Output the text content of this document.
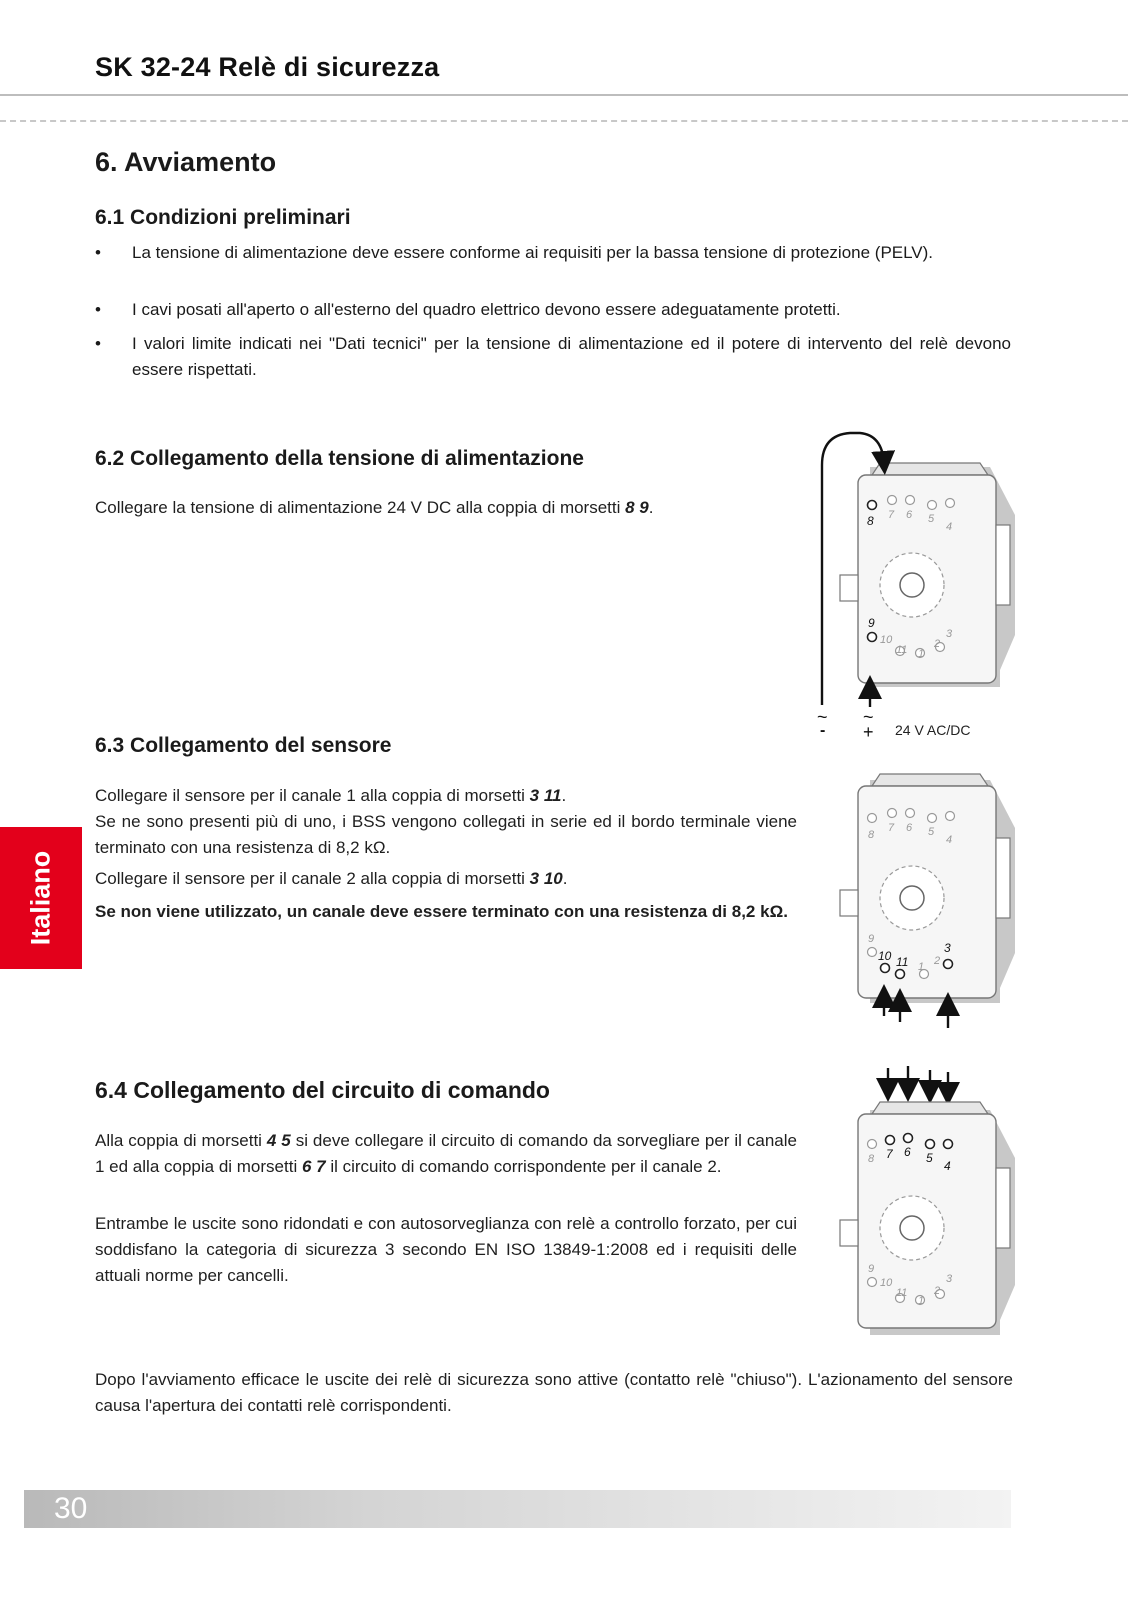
SK 32-24 Relè di sicurezza
Italiano
6. Avviamento
6.1 Condizioni preliminari
• La tensione di alimentazione deve essere conforme ai requisiti per la bassa tensione di protezione (PELV).
• I cavi posati all'aperto o all'esterno del quadro elettrico devono essere adeguatamente protetti.
• I valori limite indicati nei "Dati tecnici" per la tensione di alimentazione ed il potere di intervento del relè devono essere rispettati.
6.2 Collegamento della tensione di alimentazione

Collegare la tensione di alimentazione 24 V DC alla coppia di morsetti 8 9.

6.3 Collegamento del sensore

Collegare il sensore per il canale 1 alla coppia di morsetti 3 11.

Se ne sono presenti più di uno, i BSS vengono collegati in serie ed il bordo terminale viene terminato con una resistenza di 8,2 kΩ.

Collegare il sensore per il canale 2 alla coppia di morsetti 3 10.

Se non viene utilizzato, un canale deve essere terminato con una resistenza di 8,2 kΩ.

6.4 Collegamento del circuito di comando

Alla coppia di morsetti 4 5 si deve collegare il circuito di comando da sorvegliare per il canale 1 ed alla coppia di morsetti 6 7 il circuito di comando corrispondente per il canale 2.

Entrambe le uscite sono ridondati e con autosorveglianza con relè a controllo forzato, per cui soddisfano la categoria di sicurezza 3 secondo EN ISO 13849-1:2008 ed i requisiti delle attuali norme per cancelli.

Dopo l'avviamento efficace le uscite dei relè di sicurezza sono attive (contatto relè "chiuso"). L'azionamento del sensore causa l'apertura dei contatti relè corrispondenti.

8 7 6 5
4
9
10
11 1
2
3
~
-
~
+ 24 V AC/DC
8
7 6 5
4
9
10 11 1 2
3
8 7 6 5
4
9
10
11
1
2
3
30
